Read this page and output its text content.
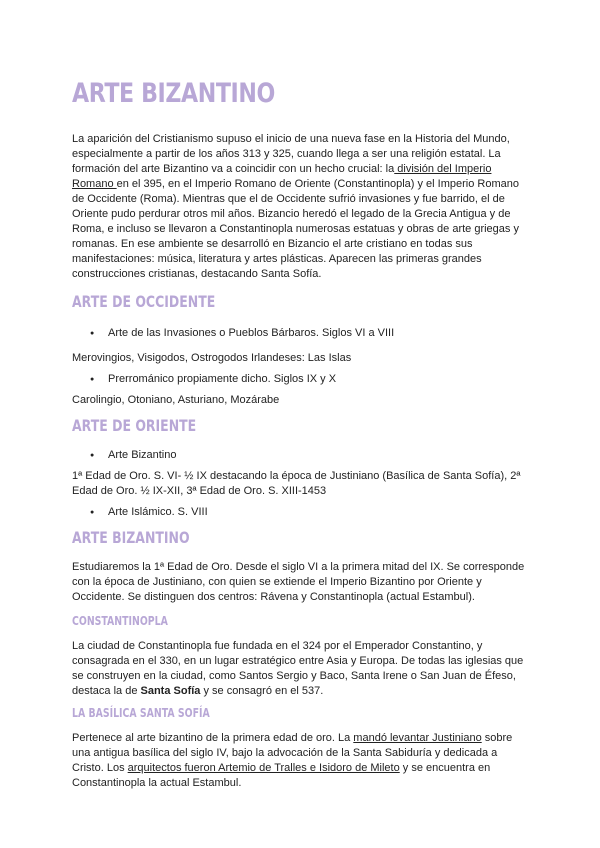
ARTE BIZANTINO

La aparición del Cristianismo supuso el inicio de una nueva fase en la Historia del Mundo, especialmente a partir de los años 313 y 325, cuando llega a ser una religión estatal. La formación del arte Bizantino va a coincidir con un hecho crucial: la división del Imperio Romano en el 395, en el Imperio Romano de Oriente (Constantinopla) y el Imperio Romano de Occidente (Roma). Mientras que el de Occidente sufrió invasiones y fue barrido, el de Oriente pudo perdurar otros mil años. Bizancio heredó el legado de la Grecia Antigua y de Roma, e incluso se llevaron a Constantinopla numerosas estatuas y obras de arte griegas y romanas. En ese ambiente se desarrolló en Bizancio el arte cristiano en todas sus manifestaciones: música, literatura y artes plásticas. Aparecen las primeras grandes construcciones cristianas, destacando Santa Sofía.

ARTE DE OCCIDENTE
● Arte de las Invasiones o Pueblos Bárbaros. Siglos VI a VIII

Merovingios, Visigodos, Ostrogodos Irlandeses: Las Islas

● Prerrománico propiamente dicho. Siglos IX y X

Carolingio, Otoniano, Asturiano, Mozárabe

ARTE DE ORIENTE
● Arte Bizantino

1ª Edad de Oro. S. VI- ½ IX destacando la época de Justiniano (Basílica de Santa Sofía), 2ª Edad de Oro. ½ IX-XII, 3ª Edad de Oro. S. XIII-1453

● Arte Islámico. S. VIII
ARTE BIZANTINO

Estudiaremos la 1ª Edad de Oro. Desde el siglo VI a la primera mitad del IX. Se corresponde con la época de Justiniano, con quien se extiende el Imperio Bizantino por Oriente y Occidente. Se distinguen dos centros: Rávena y Constantinopla (actual Estambul).

CONSTANTINOPLA

La ciudad de Constantinopla fue fundada en el 324 por el Emperador Constantino, y consagrada en el 330, en un lugar estratégico entre Asia y Europa. De todas las iglesias que se construyen en la ciudad, como Santos Sergio y Baco, Santa Irene o San Juan de Éfeso, destaca la de Santa Sofía y se consagró en el 537.

LA BASÍLICA SANTA SOFÍA

Pertenece al arte bizantino de la primera edad de oro. La mandó levantar Justiniano sobre una antigua basílica del siglo IV, bajo la advocación de la Santa Sabiduría y dedicada a Cristo. Los arquitectos fueron Artemio de Tralles e Isidoro de Mileto y se encuentra en Constantinopla la actual Estambul.
